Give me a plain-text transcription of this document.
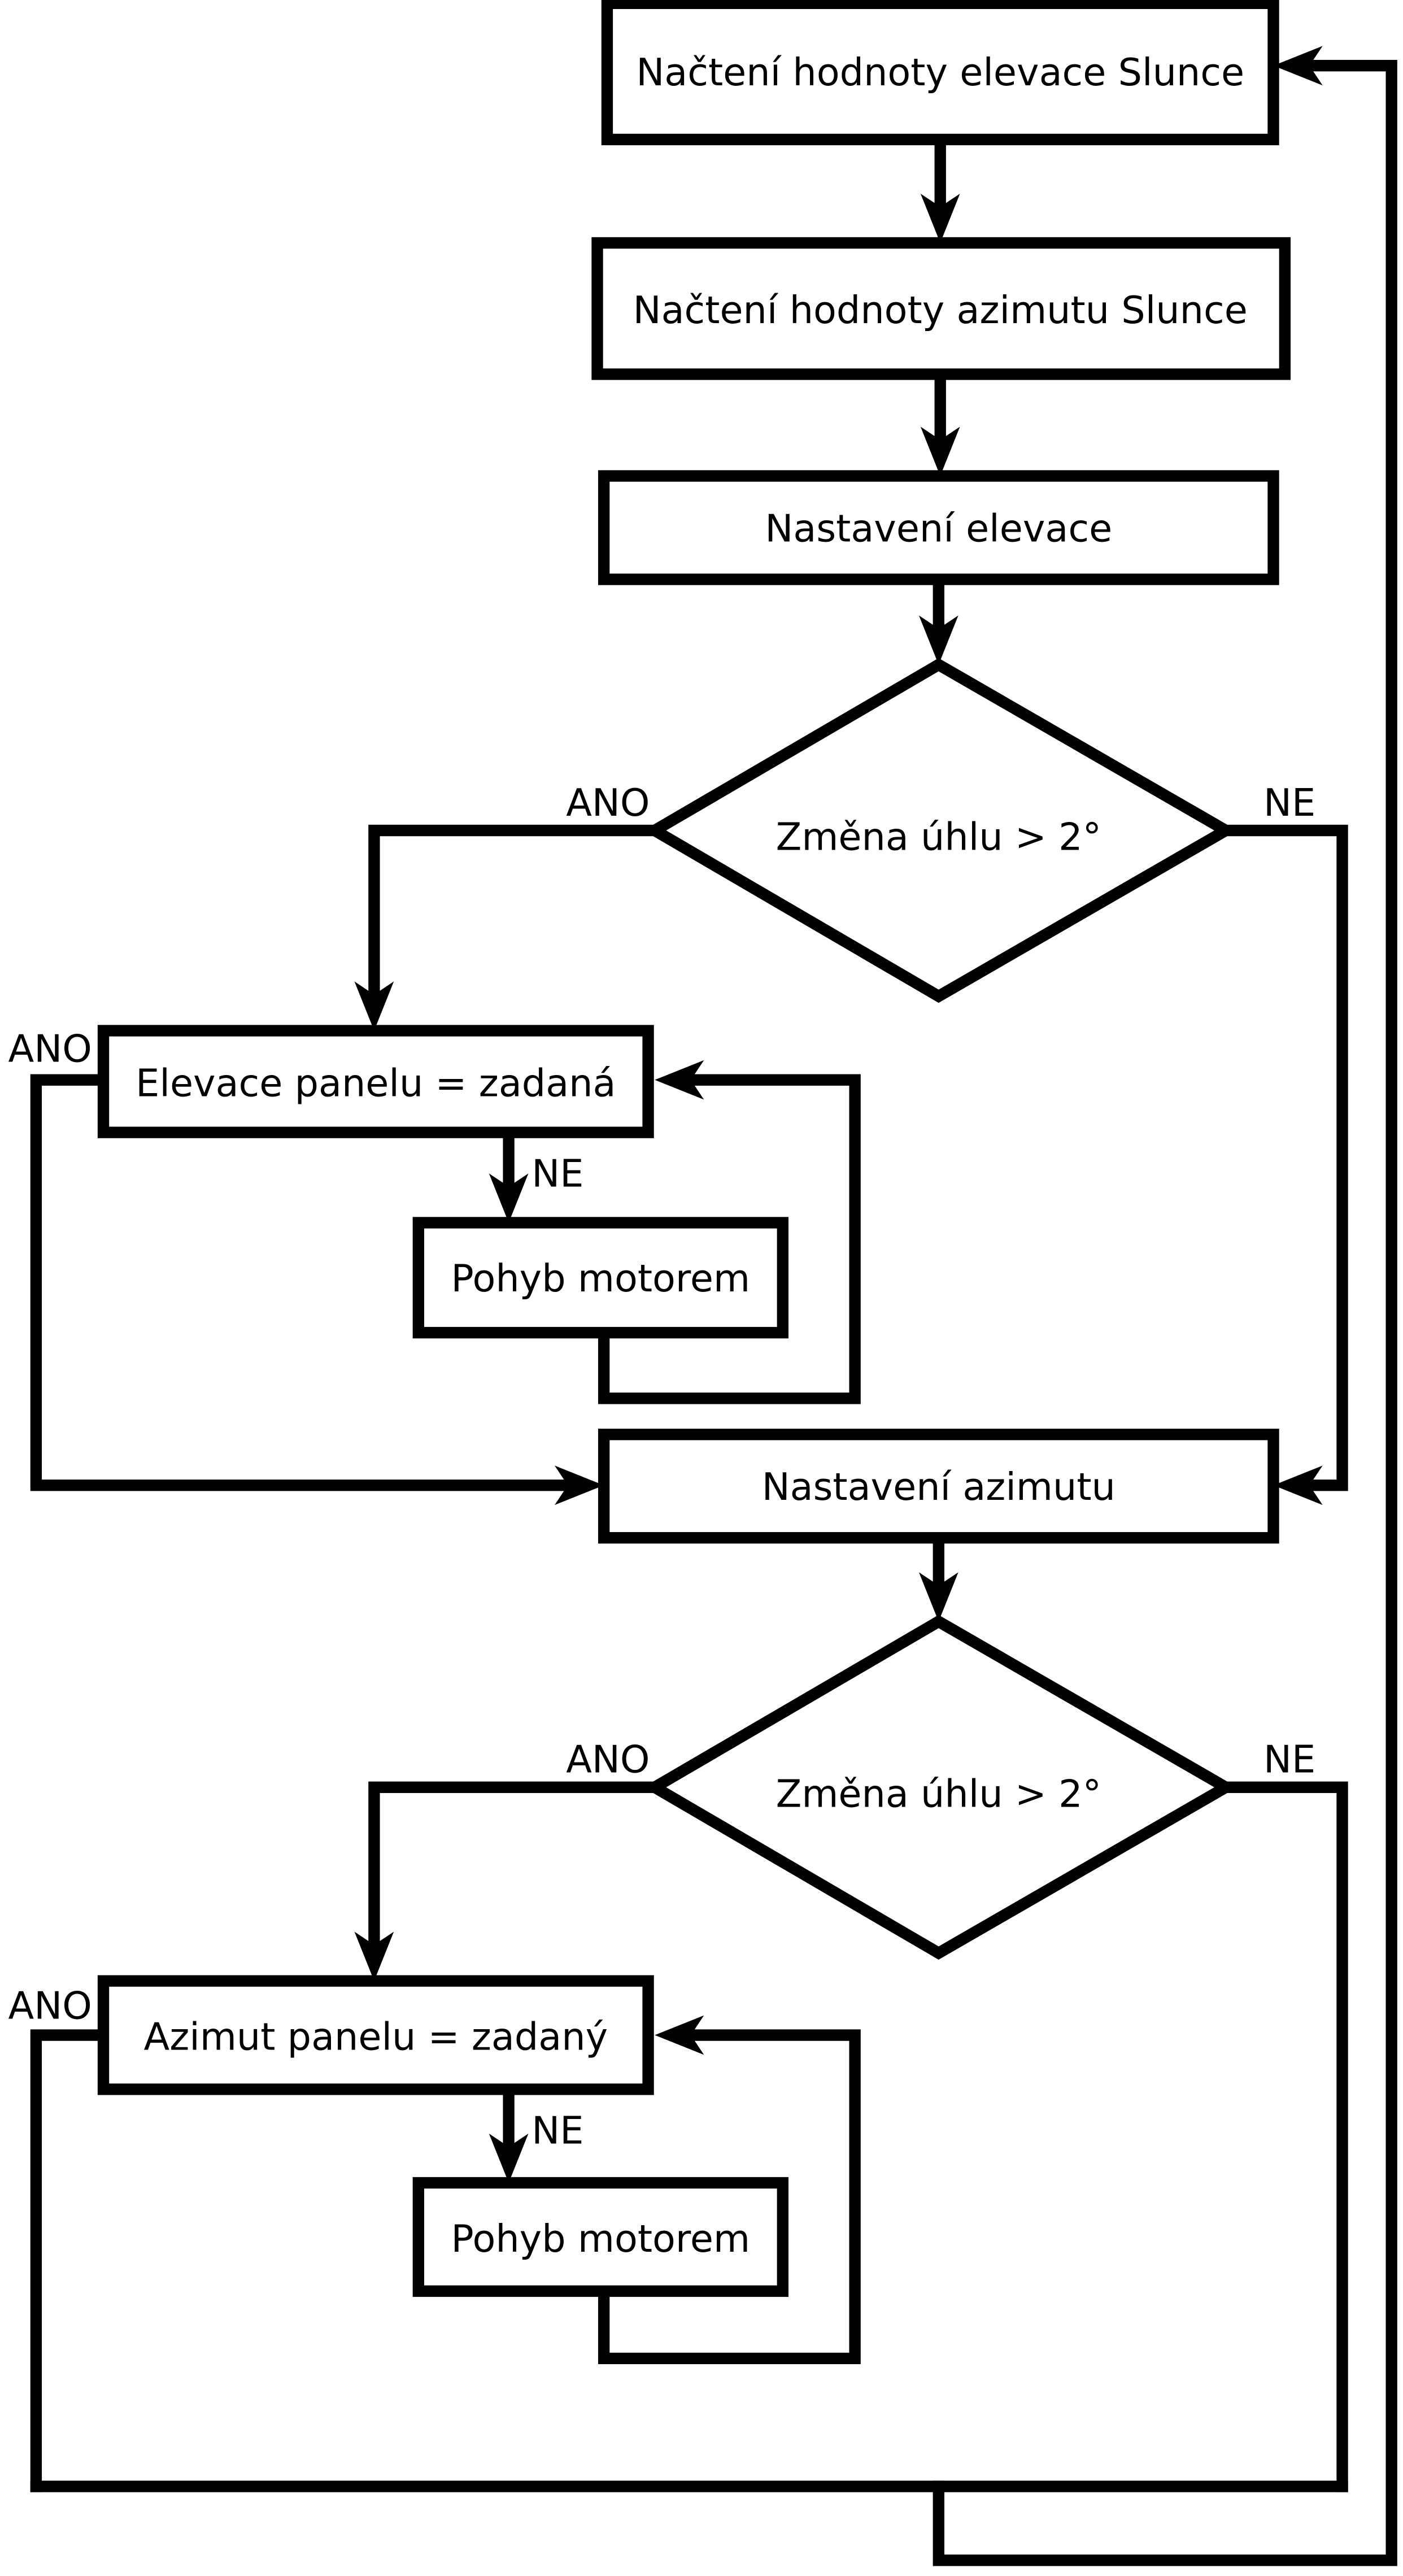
Načtení hodnoty elevace Slunce
Načtení hodnoty azimutu Slunce
Nastavení elevace
Změna úhlu > 2°
Elevace panelu = zadaná
Pohyb motorem
Nastavení azimutu
Změna úhlu > 2°
Azimut panelu = zadaný
Pohyb motorem
ANO	NE
ANO
NE
ANO	NE
ANO
NE
